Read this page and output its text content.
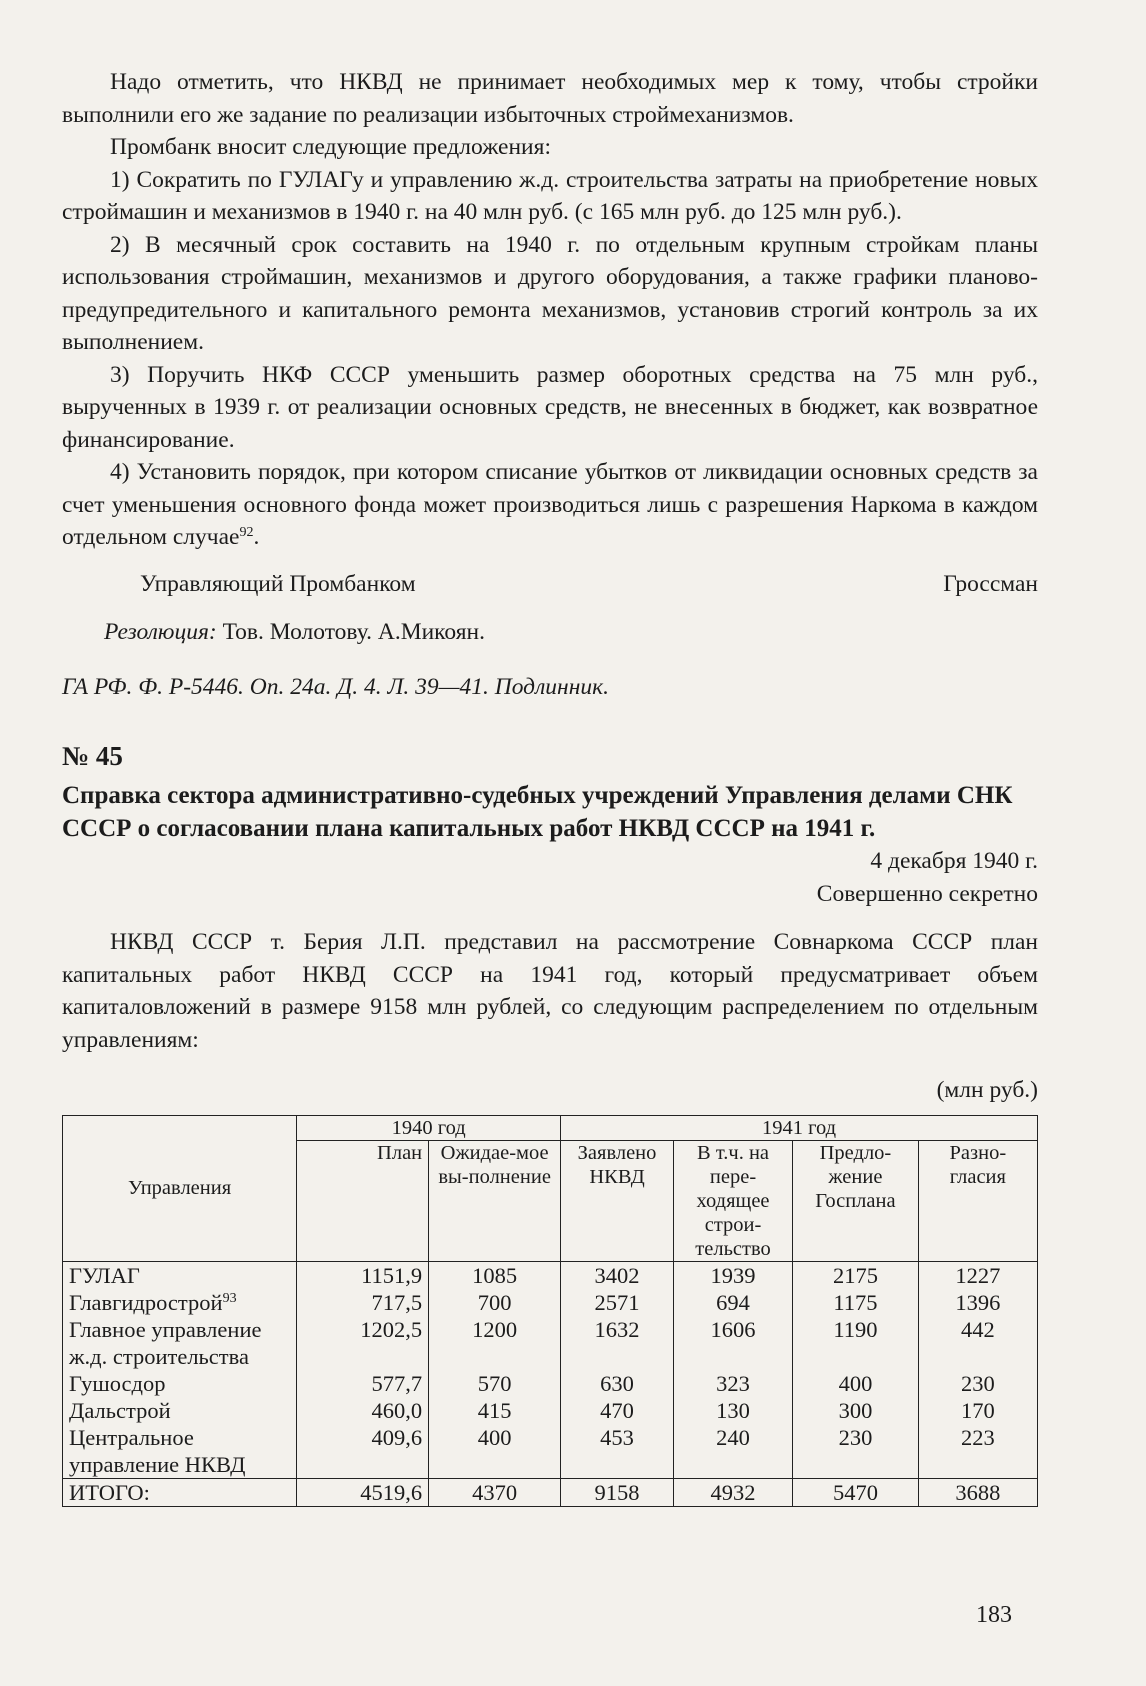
Надо отметить, что НКВД не принимает необходимых мер к тому, чтобы стройки выполнили его же задание по реализации избыточных строймеханизмов.

Промбанк вносит следующие предложения:

1) Сократить по ГУЛАГу и управлению ж.д. строительства затраты на приобретение новых строймашин и механизмов в 1940 г. на 40 млн руб. (с 165 млн руб. до 125 млн руб.).

2) В месячный срок составить на 1940 г. по отдельным крупным стройкам планы использования строймашин, механизмов и другого оборудования, а также графики планово-предупредительного и капитального ремонта механизмов, установив строгий контроль за их выполнением.

3) Поручить НКФ СССР уменьшить размер оборотных средства на 75 млн руб., вырученных в 1939 г. от реализации основных средств, не внесенных в бюджет, как возвратное финансирование.

4) Установить порядок, при котором списание убытков от ликвидации основных средств за счет уменьшения основного фонда может производиться лишь с разрешения Наркома в каждом отдельном случае$^{92}$.

Управляющий Промбанком	Гроссман
Резолюция: Тов. Молотову. А.Микоян.
ГА РФ. Ф. Р-5446. Оп. 24а. Д. 4. Л. 39—41. Подлинник.
№ 45
Справка сектора административно-судебных учреждений Управления делами СНК СССР о согласовании плана капитальных работ НКВД СССР на 1941 г.
4 декабря 1940 г.
Совершенно секретно

НКВД СССР т. Берия Л.П. представил на рассмотрение Совнаркома СССР план капитальных работ НКВД СССР на 1941 год, который предусматривает объем капиталовложений в размере 9158 млн рублей, со следующим распределением по отдельным управлениям:

(млн руб.)
Управления	1940 год		1941 год			
	План	Ожидае-мое вы-полнение	Заявлено НКВД	В т.ч. на пере-ходящее строи-тельство	Предло-жение Госплана	Разно-гласия
ГУЛАГ	1151,9	1085	3402	1939	2175	1227
Главгидрострой$^{93}$	717,5	700	2571	694	1175	1396
Главное управление ж.д. строительства	1202,5	1200	1632	1606	1190	442
Гушосдор	577,7	570	630	323	400	230
Дальстрой	460,0	415	470	130	300	170
Центральное управление НКВД	409,6	400	453	240	230	223
ИТОГО:	4519,6	4370	9158	4932	5470	3688
183
